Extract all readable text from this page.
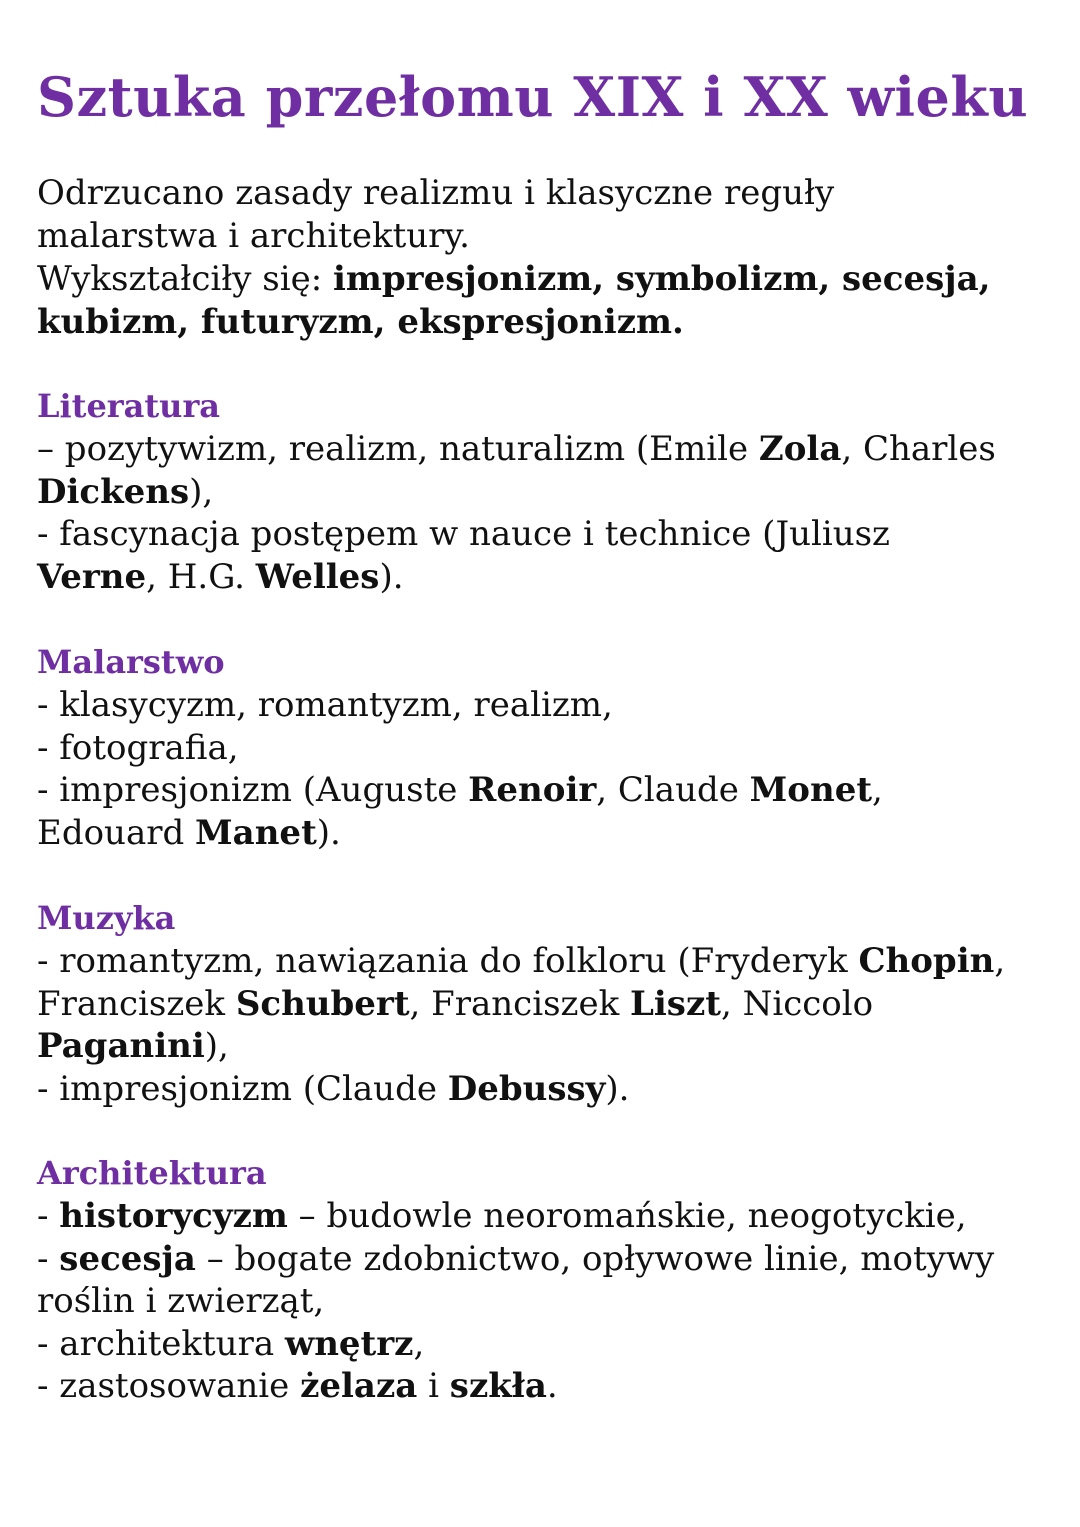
Sztuka przełomu XIX i XX wieku
Odrzucano zasady realizmu i klasyczne reguły
malarstwa i architektury.
Wykształciły się: impresjonizm, symbolizm, secesja,
kubizm, futuryzm, ekspresjonizm.
Literatura
– pozytywizm, realizm, naturalizm (Emile Zola, Charles
Dickens),
- fascynacja postępem w nauce i technice (Juliusz
Verne, H.G. Welles).
Malarstwo
- klasycyzm, romantyzm, realizm,
- fotografia,
- impresjonizm (Auguste Renoir, Claude Monet,
Edouard Manet).
Muzyka
- romantyzm, nawiązania do folkloru (Fryderyk Chopin,
Franciszek Schubert, Franciszek Liszt, Niccolo
Paganini),
- impresjonizm (Claude Debussy).
Architektura
- historycyzm – budowle neoromańskie, neogotyckie,
- secesja – bogate zdobnictwo, opływowe linie, motywy
roślin i zwierząt,
- architektura wnętrz,
- zastosowanie żelaza i szkła.
